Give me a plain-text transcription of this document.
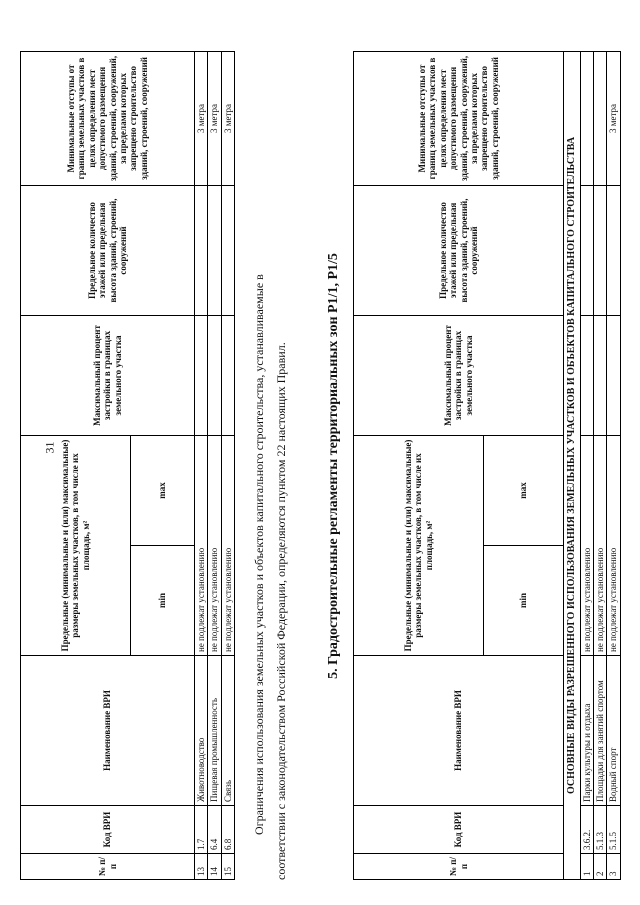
№ п/п	Код ВРИ	Наименование ВРИ	Предельные (минимальные и (или) максимальные) размеры земельных участков, в том числе их площадь, м²		Максимальный процент застройки в границах земельного участка	Предельное количество этажей или предельная высота зданий, строений, сооружений	Минимальные отступы от границ земельных участков в целях определения мест допустимого размещения зданий, строений, сооружений, за пределами которых запрещено строительство зданий, строений, сооружений
			min	max			
13	1.7	Животноводство	не подлежат установлению				3 метра
14	6.4	Пищевая промышленность	не подлежат установлению				3 метра
15	6.8	Связь	не подлежат установлению				3 метра
Ограничения использования земельных участков и объектов капитального строительства, устанавливаемые в соответствии с законодательством Российской Федерации, определяются пунктом 22 настоящих Правил.	5. Градостроительные регламенты территориальных зон Р1/1, Р1/5
№ п/п	Код ВРИ	Наименование ВРИ	Предельные (минимальные и (или) максимальные) размеры земельных участков, в том числе их площадь, м²		Максимальный процент застройки в границах земельного участка	Предельное количество этажей или предельная высота зданий, строений, сооружений	Минимальные отступы от границ земельных участков в целях определения мест допустимого размещения зданий, строений, сооружений, за пределами которых запрещено строительство зданий, строений, сооружений
			min	max			
ОСНОВНЫЕ ВИДЫ РАЗРЕШЕННОГО ИСПОЛЬЗОВАНИЯ ЗЕМЕЛЬНЫХ УЧАСТКОВ И ОБЪЕКТОВ КАПИТАЛЬНОГО СТРОИТЕЛЬСТВА							
1	3.6.2.	Парки культуры и отдыха	не подлежат установлению				
2	5.1.3	Площадки для занятий спортом	не подлежат установлению				
3	5.1.5	Водный спорт	не подлежат установлению				3 метра
31
